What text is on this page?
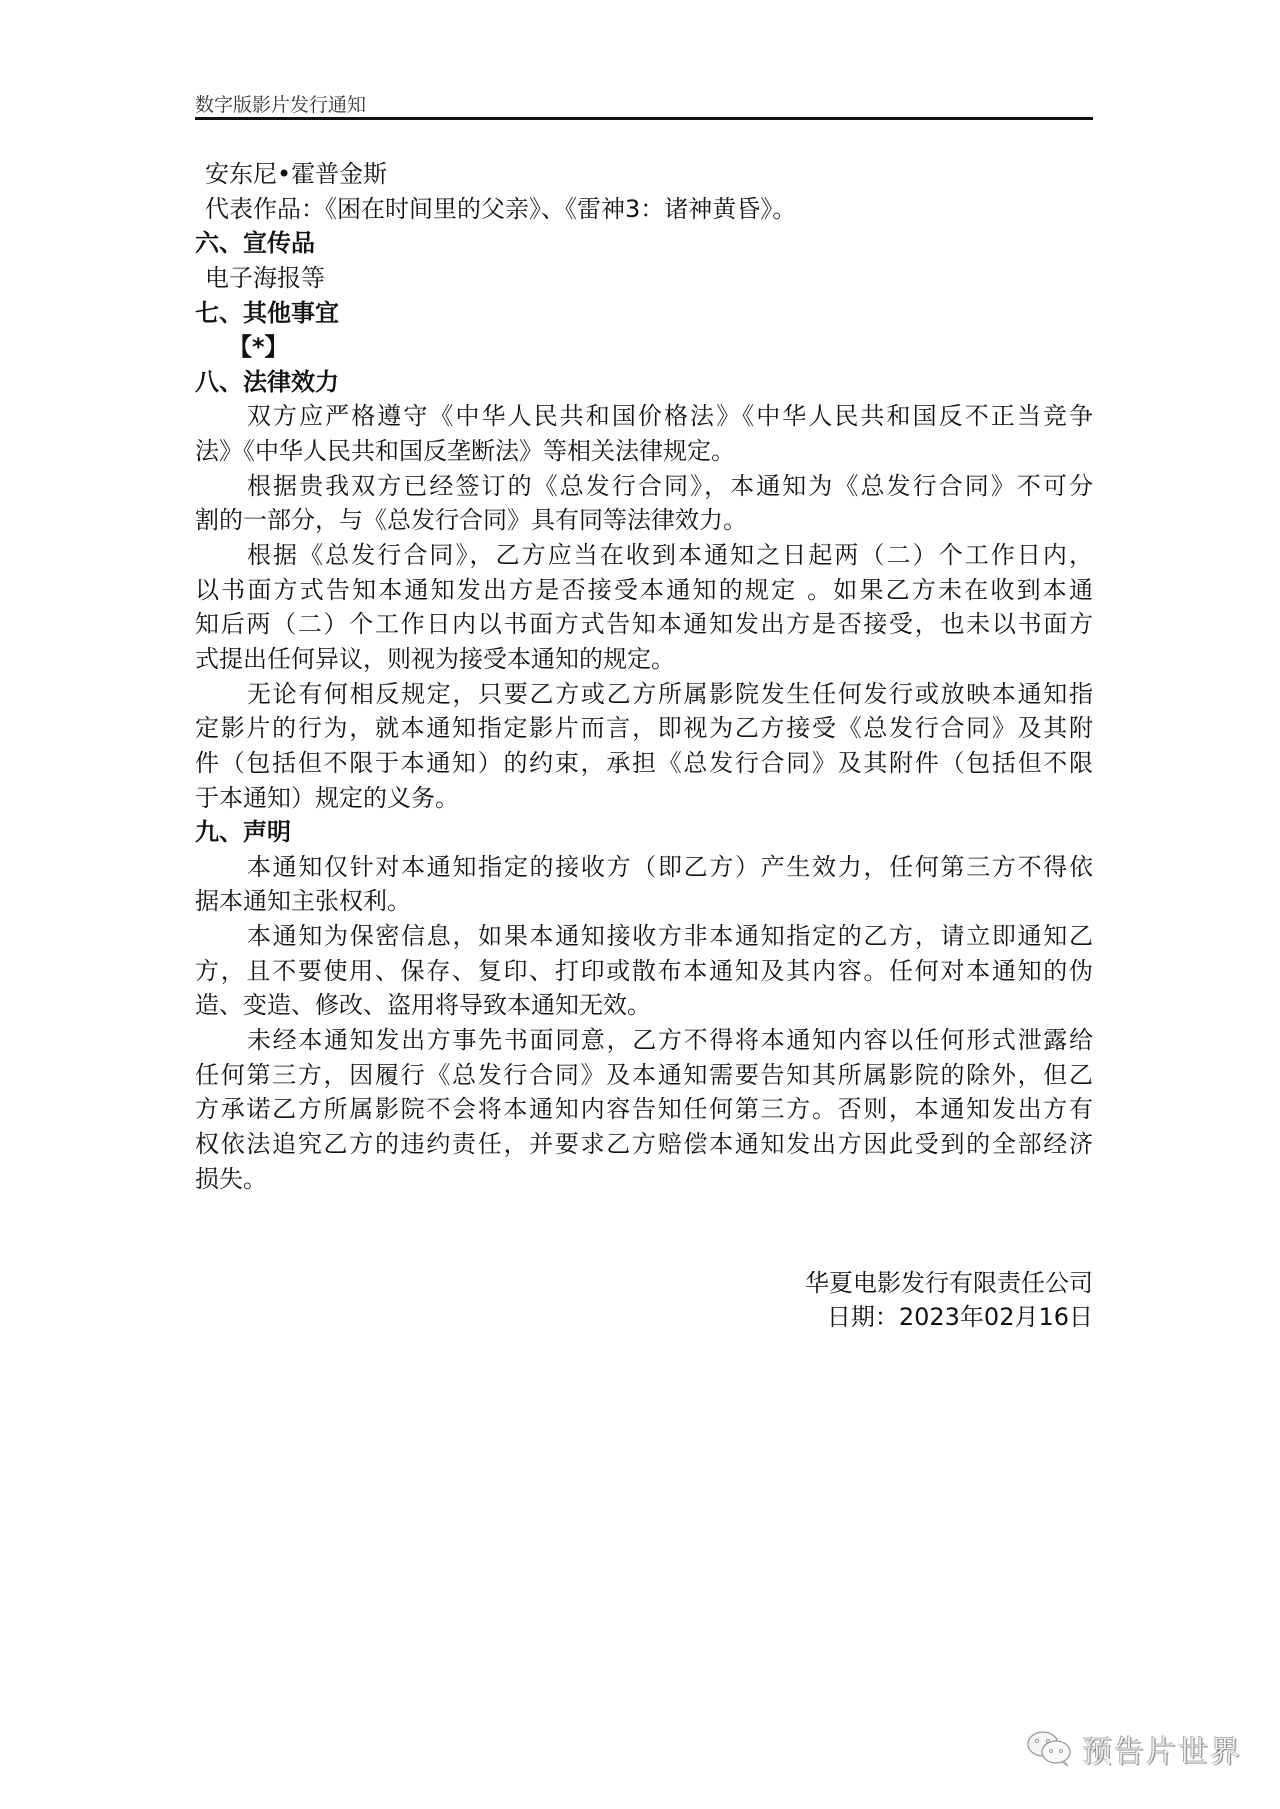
数字版影片发行通知
安东尼•霍普金斯
代表作品：《困在时间里的父亲》、《雷神3：诸神黄昏》。
六、宣传品
电子海报等
七、其他事宜
【*】
八、法律效力
双方应严格遵守《中华人民共和国价格法》《中华人民共和国反不正当竞争
法》《中华人民共和国反垄断法》等相关法律规定。
根据贵我双方已经签订的《总发行合同》，本通知为《总发行合同》不可分
割的一部分，与《总发行合同》具有同等法律效力。
根据《总发行合同》，乙方应当在收到本通知之日起两（二）个工作日内，
以书面方式告知本通知发出方是否接受本通知的规定 。如果乙方未在收到本通
知后两（二）个工作日内以书面方式告知本通知发出方是否接受，也未以书面方
式提出任何异议，则视为接受本通知的规定。
无论有何相反规定，只要乙方或乙方所属影院发生任何发行或放映本通知指
定影片的行为，就本通知指定影片而言，即视为乙方接受《总发行合同》及其附
件（包括但不限于本通知）的约束，承担《总发行合同》及其附件（包括但不限
于本通知）规定的义务。
九、声明
本通知仅针对本通知指定的接收方（即乙方）产生效力，任何第三方不得依
据本通知主张权利。
本通知为保密信息，如果本通知接收方非本通知指定的乙方，请立即通知乙
方，且不要使用、保存、复印、打印或散布本通知及其内容。任何对本通知的伪
造、变造、修改、盗用将导致本通知无效。
未经本通知发出方事先书面同意，乙方不得将本通知内容以任何形式泄露给
任何第三方，因履行《总发行合同》及本通知需要告知其所属影院的除外，但乙
方承诺乙方所属影院不会将本通知内容告知任何第三方。否则，本通知发出方有
权依法追究乙方的违约责任，并要求乙方赔偿本通知发出方因此受到的全部经济
损失。
华夏电影发行有限责任公司
日期：2023年02月16日
预告片世界
